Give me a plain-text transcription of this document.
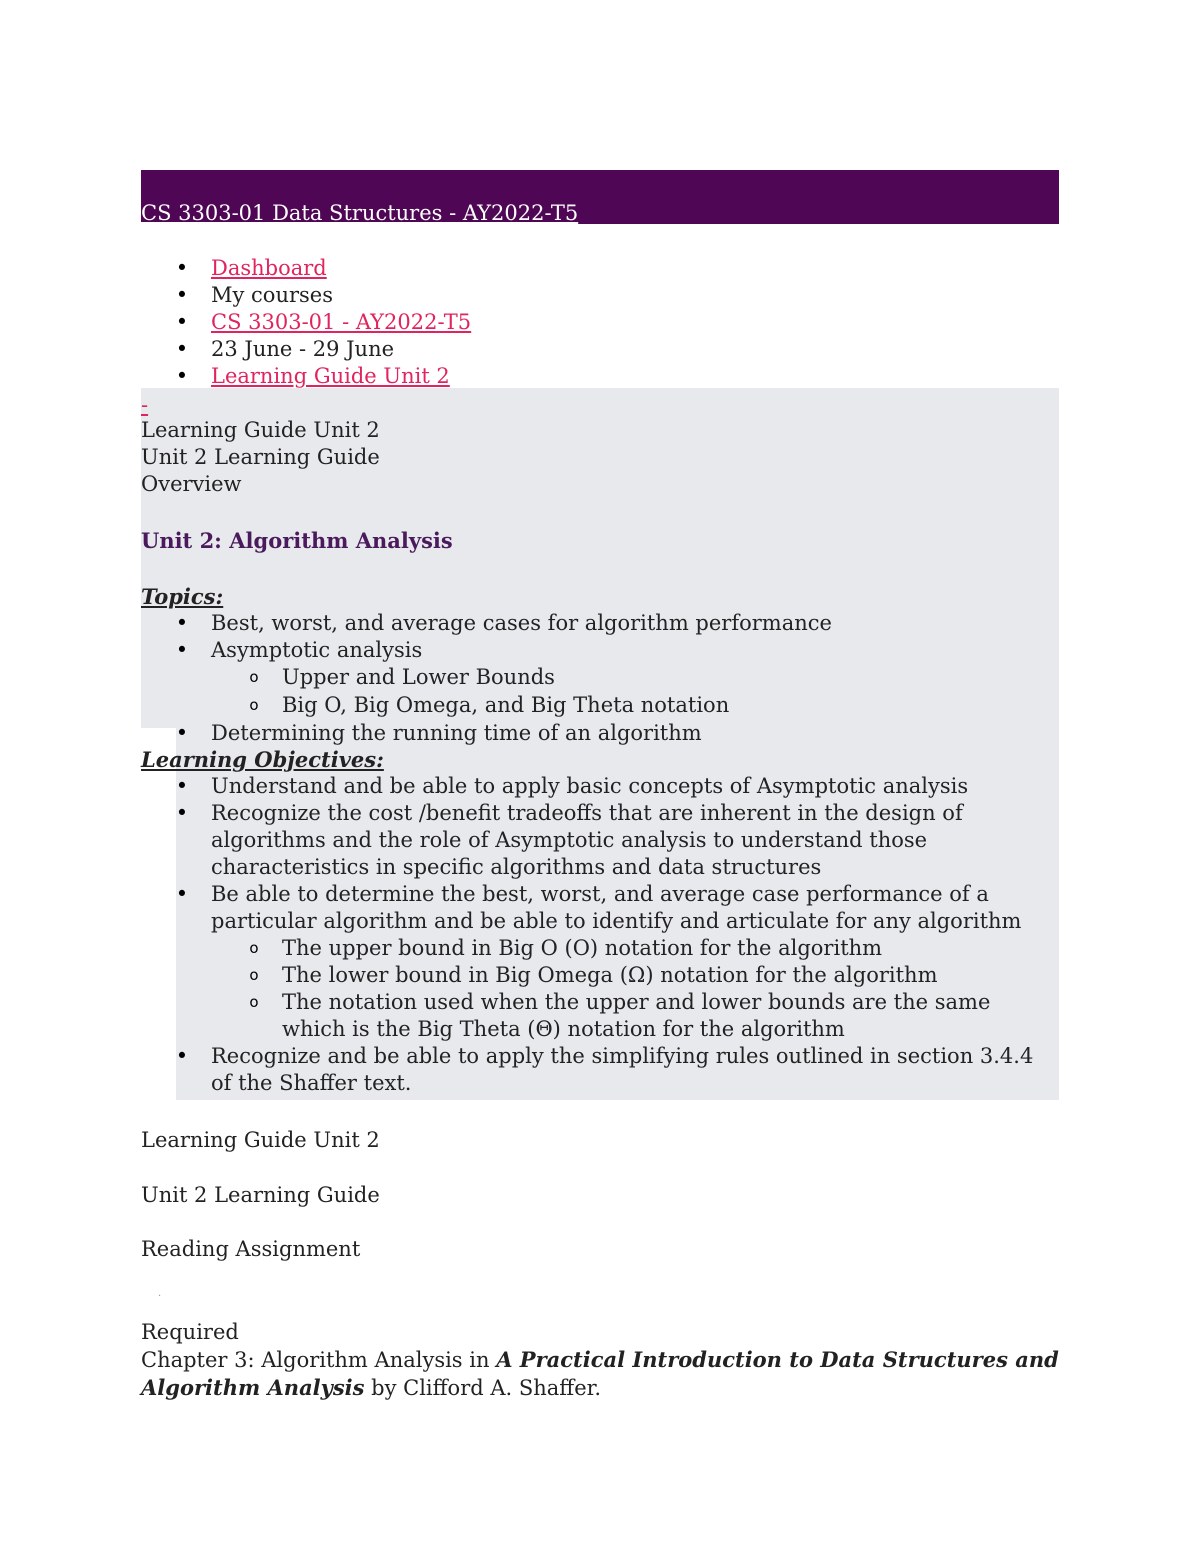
CS 3303-01 Data Structures - AY2022-T5
•	Dashboard
•	My courses
•	CS 3303-01 - AY2022-T5
•	23 June - 29 June
•	Learning Guide Unit 2
-
Learning Guide Unit 2
Unit 2 Learning Guide
Overview
Unit 2: Algorithm Analysis
Topics:
•	Best, worst, and average cases for algorithm performance
•	Asymptotic analysis
o	Upper and Lower Bounds
o	Big O, Big Omega, and Big Theta notation
•	Determining the running time of an algorithm
Learning Objectives:
•	Understand and be able to apply basic concepts of Asymptotic analysis
•	Recognize the cost /benefit tradeoffs that are inherent in the design of algorithms and the role of Asymptotic analysis to understand those characteristics in specific algorithms and data structures
•	Be able to determine the best, worst, and average case performance of a particular algorithm and be able to identify and articulate for any algorithm
o	The upper bound in Big O (O) notation for the algorithm
o	The lower bound in Big Omega (Ω) notation for the algorithm
o	The notation used when the upper and lower bounds are the same which is the Big Theta (Θ) notation for the algorithm
•	Recognize and be able to apply the simplifying rules outlined in section 3.4.4 of the Shaffer text.
Learning Guide Unit 2
Unit 2 Learning Guide
Reading Assignment
·
Required
Chapter 3: Algorithm Analysis in A Practical Introduction to Data Structures and Algorithm Analysis by Clifford A. Shaffer.
